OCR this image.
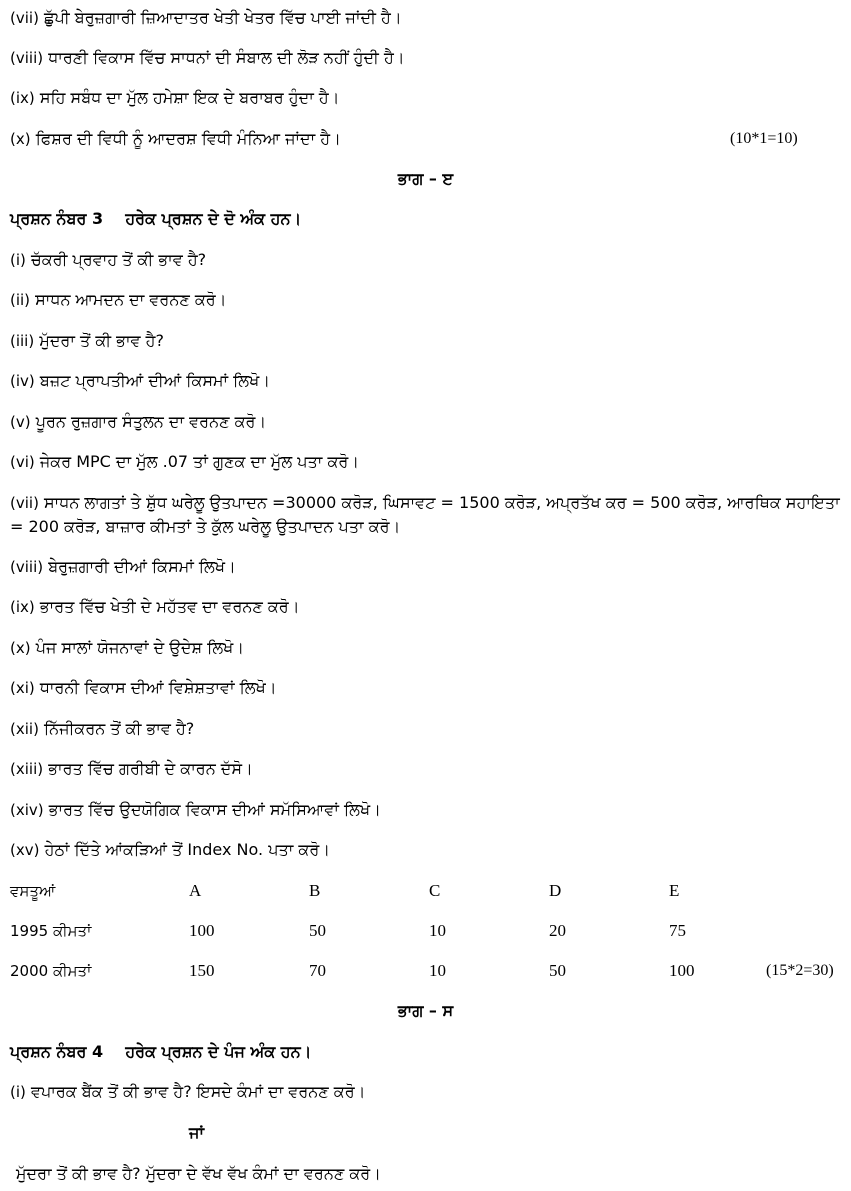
(vii) ਛੁੱਪੀ ਬੇਰੁਜ਼ਗਾਰੀ ਜ਼ਿਆਦਾਤਰ ਖੇਤੀ ਖੇਤਰ ਵਿੱਚ ਪਾਈ ਜਾਂਦੀ ਹੈ।
(viii) ਧਾਰਣੀ ਵਿਕਾਸ ਵਿੱਚ ਸਾਧਨਾਂ ਦੀ ਸੰਬਾਲ ਦੀ ਲੋੜ ਨਹੀਂ ਹੁੰਦੀ ਹੈ।
(ix) ਸਹਿ ਸਬੰਧ ਦਾ ਮੁੱਲ ਹਮੇਸ਼ਾ ਇਕ ਦੇ ਬਰਾਬਰ ਹੁੰਦਾ ਹੈ।
(x) ਫਿਸ਼ਰ ਦੀ ਵਿਧੀ ਨੂੰ ਆਦਰਸ਼ ਵਿਧੀ ਮੰਨਿਆ ਜਾਂਦਾ ਹੈ।	(10*1=10)
ਭਾਗ – ੲ
ਪ੍ਰਸ਼ਨ ਨੰਬਰ 3 ਹਰੇਕ ਪ੍ਰਸ਼ਨ ਦੇ ਦੋ ਅੰਕ ਹਨ।
(i) ਚੱਕਰੀ ਪ੍ਰਵਾਹ ਤੋਂ ਕੀ ਭਾਵ ਹੈ?
(ii) ਸਾਧਨ ਆਮਦਨ ਦਾ ਵਰਨਣ ਕਰੋ।
(iii) ਮੁੱਦਰਾ ਤੋਂ ਕੀ ਭਾਵ ਹੈ?
(iv) ਬਜ਼ਟ ਪ੍ਰਾਪਤੀਆਂ ਦੀਆਂ ਕਿਸਮਾਂ ਲਿਖੋ।
(v) ਪੂਰਨ ਰੁਜ਼ਗਾਰ ਸੰਤੁਲਨ ਦਾ ਵਰਨਣ ਕਰੋ।
(vi) ਜੇਕਰ MPC ਦਾ ਮੁੱਲ .07 ਤਾਂ ਗੁਣਕ ਦਾ ਮੁੱਲ ਪਤਾ ਕਰੋ।
(vii) ਸਾਧਨ ਲਾਗਤਾਂ ਤੇ ਸ਼ੁੱਧ ਘਰੇਲੂ ਉਤਪਾਦਨ =30000 ਕਰੋੜ, ਘਿਸਾਵਟ = 1500 ਕਰੋੜ, ਅਪ੍ਰਤੱਖ ਕਰ = 500 ਕਰੋੜ, ਆਰਥਿਕ ਸਹਾਇਤਾ = 200 ਕਰੋੜ, ਬਾਜ਼ਾਰ ਕੀਮਤਾਂ ਤੇ ਕੁੱਲ ਘਰੇਲੂ ਉਤਪਾਦਨ ਪਤਾ ਕਰੋ।
(viii) ਬੇਰੁਜ਼ਗਾਰੀ ਦੀਆਂ ਕਿਸਮਾਂ ਲਿਖੋ।
(ix) ਭਾਰਤ ਵਿੱਚ ਖੇਤੀ ਦੇ ਮਹੱਤਵ ਦਾ ਵਰਨਣ ਕਰੋ।
(x) ਪੰਜ ਸਾਲਾਂ ਯੋਜਨਾਵਾਂ ਦੇ ਉਦੇਸ਼ ਲਿਖੋ।
(xi) ਧਾਰਨੀ ਵਿਕਾਸ ਦੀਆਂ ਵਿਸ਼ੇਸ਼ਤਾਵਾਂ ਲਿਖੋ।
(xii) ਨਿੱਜੀਕਰਨ ਤੋਂ ਕੀ ਭਾਵ ਹੈ?
(xiii) ਭਾਰਤ ਵਿੱਚ ਗਰੀਬੀ ਦੇ ਕਾਰਨ ਦੱਸੋ।
(xiv) ਭਾਰਤ ਵਿੱਚ ਉਦਯੋਗਿਕ ਵਿਕਾਸ ਦੀਆਂ ਸਮੱਸਿਆਵਾਂ ਲਿਖੋ।
(xv) ਹੇਠਾਂ ਦਿੱਤੇ ਆਂਕੜਿਆਂ ਤੋਂ Index No. ਪਤਾ ਕਰੋ।
ਵਸਤੂਆਂ	A	B	C	D	E
1995 ਕੀਮਤਾਂ	100	50	10	20	75
2000 ਕੀਮਤਾਂ	150	70	10	50	100	(15*2=30)
ਭਾਗ – ਸ
ਪ੍ਰਸ਼ਨ ਨੰਬਰ 4 ਹਰੇਕ ਪ੍ਰਸ਼ਨ ਦੇ ਪੰਜ ਅੰਕ ਹਨ।
(i) ਵਪਾਰਕ ਬੈਂਕ ਤੋਂ ਕੀ ਭਾਵ ਹੈ? ਇਸਦੇ ਕੰਮਾਂ ਦਾ ਵਰਨਣ ਕਰੋ।
ਜਾਂ
ਮੁੱਦਰਾ ਤੋਂ ਕੀ ਭਾਵ ਹੈ? ਮੁੱਦਰਾ ਦੇ ਵੱਖ ਵੱਖ ਕੰਮਾਂ ਦਾ ਵਰਨਣ ਕਰੋ।
